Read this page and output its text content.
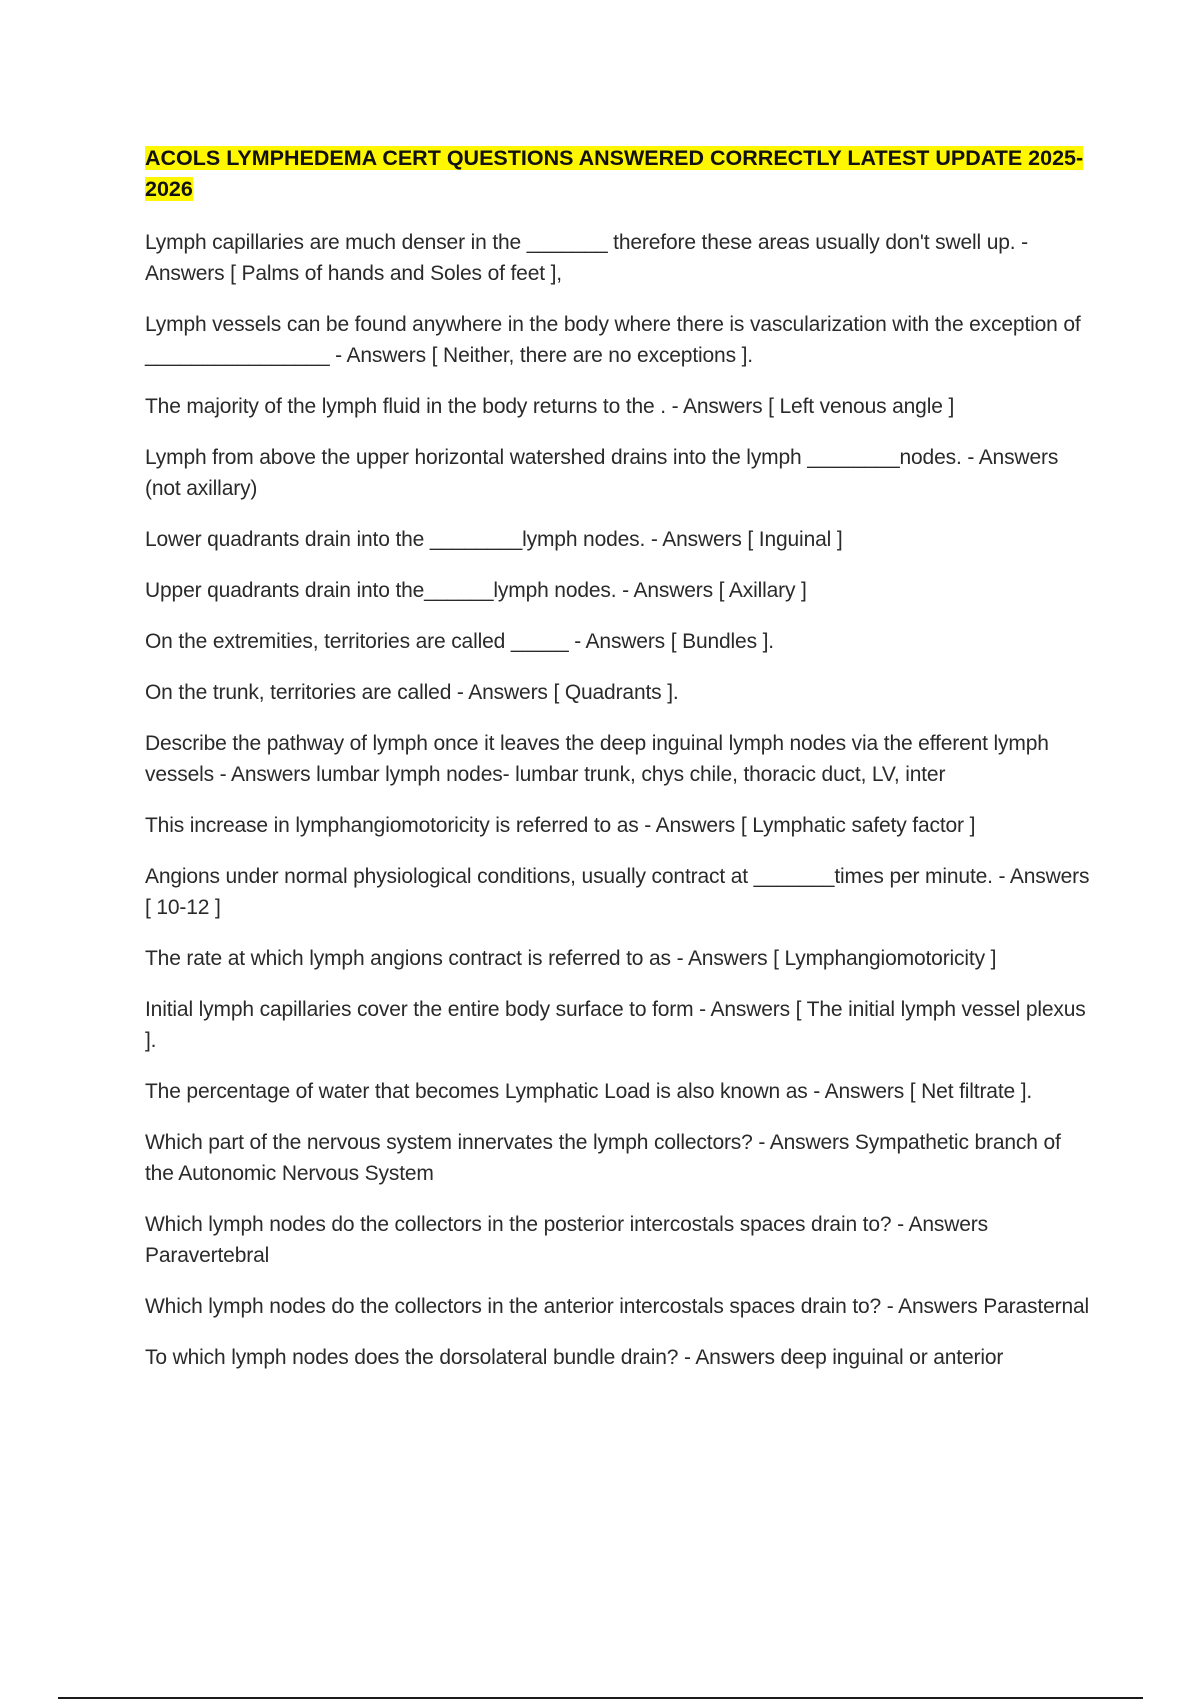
ACOLS LYMPHEDEMA CERT QUESTIONS ANSWERED CORRECTLY LATEST UPDATE 2025-2026

Lymph capillaries are much denser in the _______ therefore these areas usually don't swell up. - Answers [ Palms of hands and Soles of feet ],

Lymph vessels can be found anywhere in the body where there is vascularization with the exception of ________________ - Answers [ Neither, there are no exceptions ].

The majority of the lymph fluid in the body returns to the . - Answers [ Left venous angle ]

Lymph from above the upper horizontal watershed drains into the lymph ________nodes. - Answers (not axillary)

Lower quadrants drain into the ________lymph nodes. - Answers [ Inguinal ]

Upper quadrants drain into the______lymph nodes. - Answers [ Axillary ]

On the extremities, territories are called _____ - Answers [ Bundles ].

On the trunk, territories are called - Answers [ Quadrants ].

Describe the pathway of lymph once it leaves the deep inguinal lymph nodes via the efferent lymph vessels - Answers lumbar lymph nodes- lumbar trunk, chys chile, thoracic duct, LV, inter

This increase in lymphangiomotoricity is referred to as - Answers [ Lymphatic safety factor ]

Angions under normal physiological conditions, usually contract at _______times per minute. - Answers [ 10-12 ]

The rate at which lymph angions contract is referred to as - Answers [ Lymphangiomotoricity ]

Initial lymph capillaries cover the entire body surface to form - Answers [ The initial lymph vessel plexus ].

The percentage of water that becomes Lymphatic Load is also known as - Answers [ Net filtrate ].

Which part of the nervous system innervates the lymph collectors? - Answers Sympathetic branch of the Autonomic Nervous System

Which lymph nodes do the collectors in the posterior intercostals spaces drain to? - Answers Paravertebral

Which lymph nodes do the collectors in the anterior intercostals spaces drain to? - Answers Parasternal

To which lymph nodes does the dorsolateral bundle drain? - Answers deep inguinal or anterior
